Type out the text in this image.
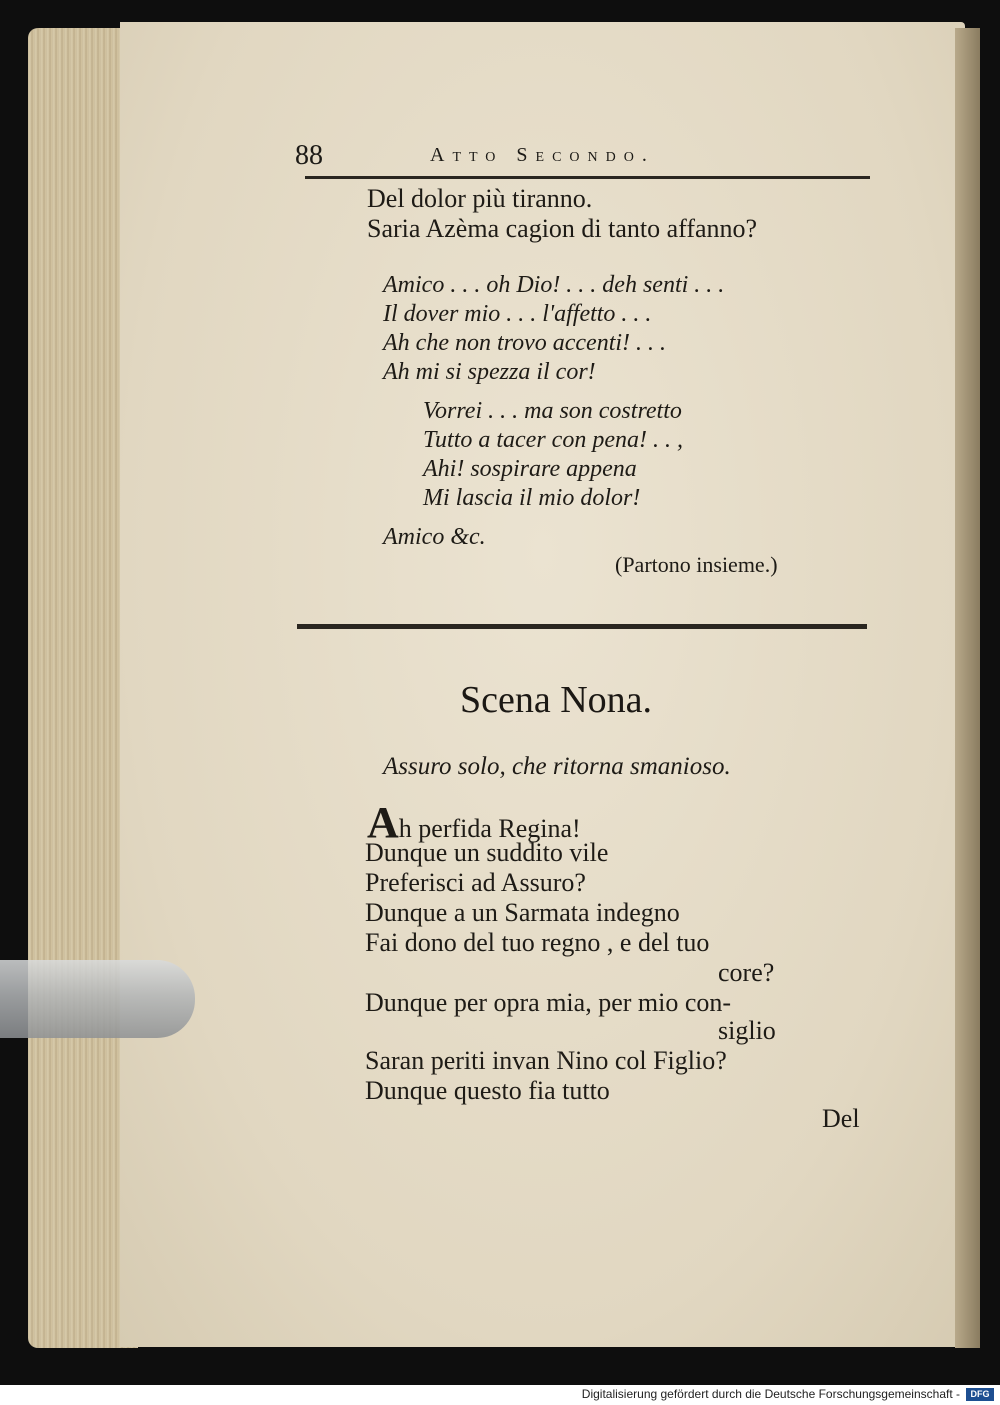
88	Atto Secondo.
Del dolor più tiranno.
Saria Azèma cagion di tanto affanno?
Amico . . . oh Dio! . . . deh senti . . .
Il dover mio . . . l'affetto . . .
Ah che non trovo accenti! . . .
Ah mi si spezza il cor!
Vorrei . . . ma son costretto
Tutto a tacer con pena! . . ,
Ahi! sospirare appena
Mi lascia il mio dolor!
Amico &c.
(Partono insieme.)
Scena Nona.
Assuro solo, che ritorna smanioso.
Ah perfida Regina!
Dunque un suddito vile
Preferisci ad Assuro?
Dunque a un Sarmata indegno
Fai dono del tuo regno , e del tuo
core?
Dunque per opra mia, per mio con-
siglio
Saran periti invan Nino col Figlio?
Dunque questo fia tutto
Del
Digitalisierung gefördert durch die Deutsche Forschungsgemeinschaft -	DFG
